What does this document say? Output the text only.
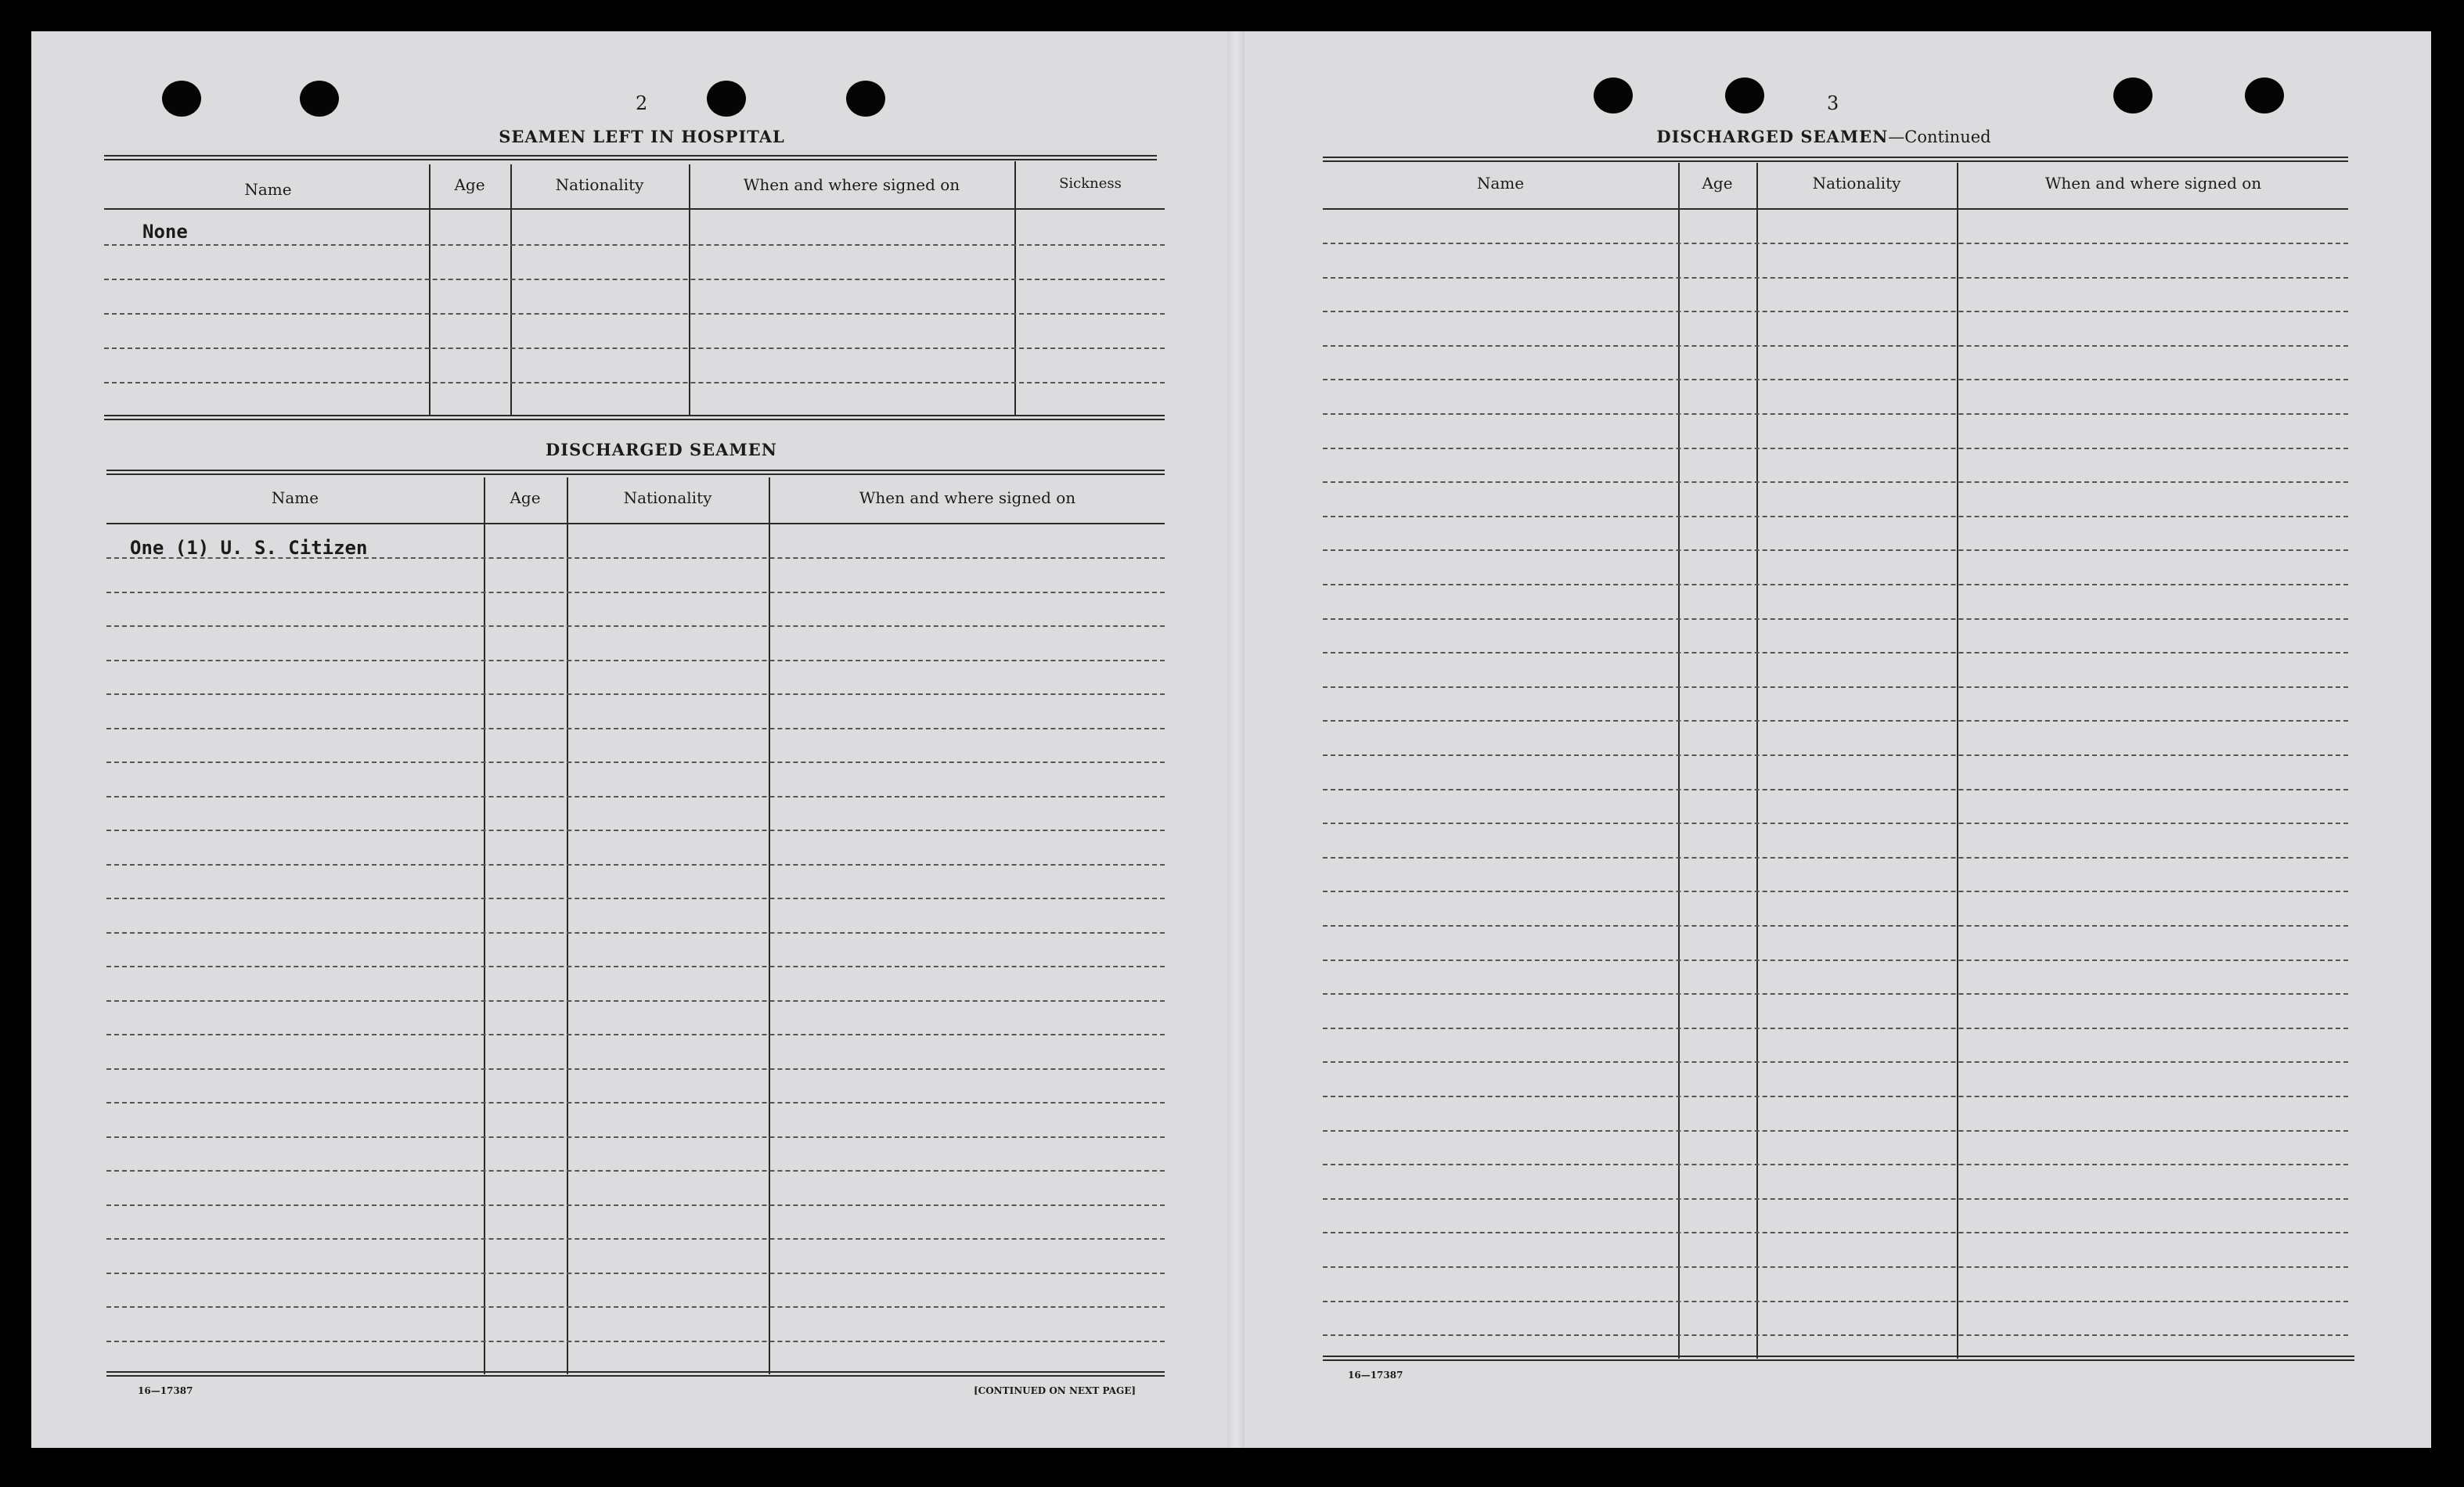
2
SEAMEN LEFT IN HOSPITAL
Name	Age	Nationality	When and where signed on	Sickness
None
DISCHARGED SEAMEN
Name	Age	Nationality	When and where signed on
One (1) U. S. Citizen
16—17387	[CONTINUED ON NEXT PAGE]
3
DISCHARGED SEAMEN—Continued
Name	Age	Nationality	When and where signed on
16—17387
